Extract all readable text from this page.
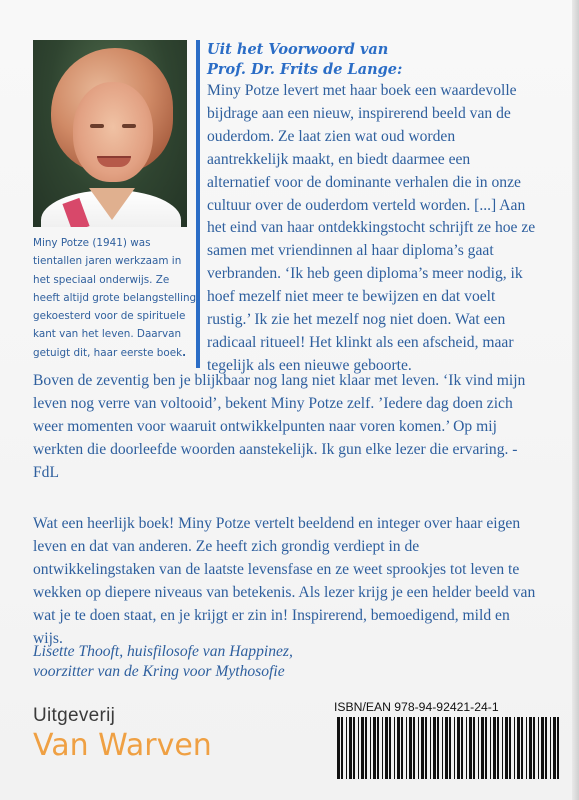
Miny Potze (1941) was tientallen jaren werkzaam in het speciaal onderwijs. Ze heeft altijd grote belangstelling gekoesterd voor de spirituele kant van het leven. Daarvan getuigt dit, haar eerste boek.

Uit het Voorwoord van

Prof. Dr. Frits de Lange:

Miny Potze levert met haar boek een waardevolle bijdrage aan een nieuw, inspirerend beeld van de ouderdom. Ze laat zien wat oud worden aantrekkelijk maakt, en biedt daarmee een alternatief voor de dominante verhalen die in onze cultuur over de ouderdom verteld worden. [...] Aan het eind van haar ontdekkingstocht schrijft ze hoe ze samen met vriendinnen al haar diploma’s gaat verbranden. ‘Ik heb geen diploma’s meer nodig, ik hoef mezelf niet meer te bewijzen en dat voelt rustig.’ Ik zie het mezelf nog niet doen. Wat een radicaal ritueel! Het klinkt als een afscheid, maar tegelijk als een nieuwe geboorte.

Boven de zeventig ben je blijkbaar nog lang niet klaar met leven. ‘Ik vind mijn leven nog verre van voltooid’, bekent Miny Potze zelf. ’Iedere dag doen zich weer momenten voor waaruit ontwikkelpunten naar voren komen.’ Op mij werkten die doorleefde woorden aanstekelijk. Ik gun elke lezer die ervaring. - FdL

Wat een heerlijk boek! Miny Potze vertelt beeldend en integer over haar eigen leven en dat van anderen. Ze heeft zich grondig verdiept in de ontwikkelingstaken van de laatste levensfase en ze weet sprookjes tot leven te wekken op diepere niveaus van betekenis. Als lezer krijg je een helder beeld van wat je te doen staat, en je krijgt er zin in! Inspirerend, bemoedigend, mild en wijs.

Lisette Thooft, huisfilosofe van Happinez,
voorzitter van de Kring voor Mythosofie

Uitgeverij
Van Warven
ISBN/EAN 978-94-92421-24-1
